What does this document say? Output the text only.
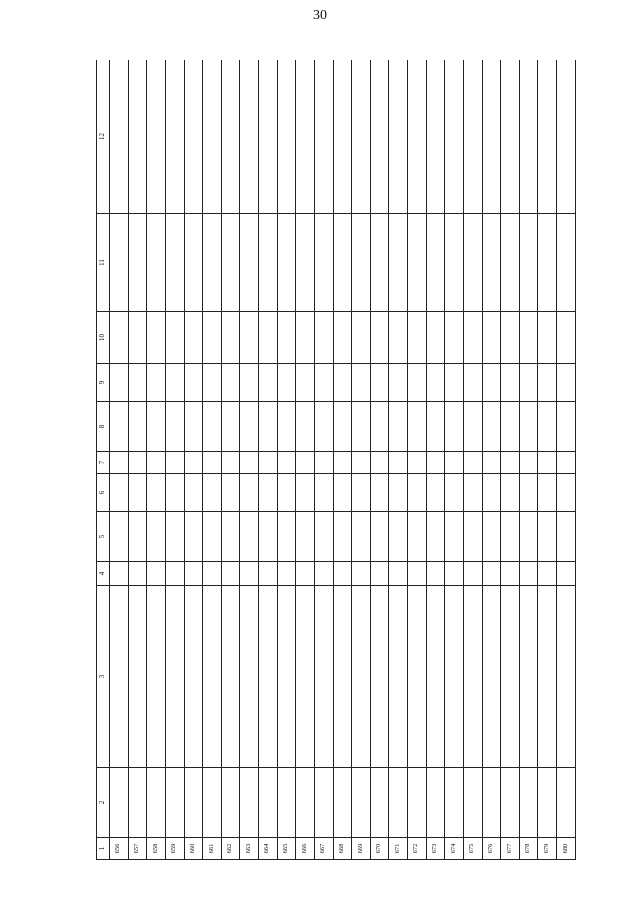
30
1	2	3	4	5	6	7	8	9	10	11	12
656											
657											
658											
659											
660											
661											
662											
663											
664											
665											
666											
667											
668											
669											
670											
671											
672											
673											
674											
675											
676											
677											
678											
679											
680											
